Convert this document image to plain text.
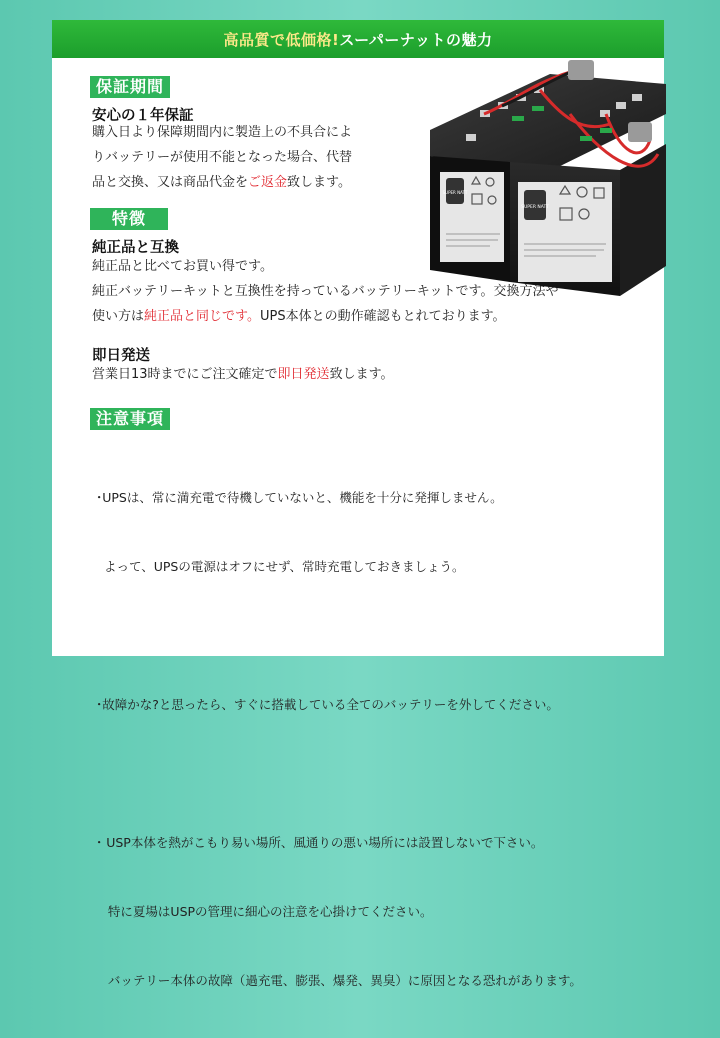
高品質で低価格! スーパーナットの魅力
保証期間
安心の１年保証
購入日より保障期間内に製造上の不具合によ
りバッテリーが使用不能となった場合、代替
品と交換、又は商品代金をご返金致します。
特徴
純正品と互換
純正品と比べてお買い得です。
純正バッテリーキットと互換性を持っているバッテリーキットです。交換方法や
使い方は純正品と同じです。UPS本体との動作確認もとれております。
即日発送
営業日13時までにご注文確定で即日発送致します。
注意事項

･UPSは、常に満充電で待機していないと、機能を十分に発揮しません。

よって、UPSの電源はオフにせず、常時充電しておきましょう。

･故障かな?と思ったら、すぐに搭載している全てのバッテリーを外してください。

･ USP本体を熱がこもり易い場所、風通りの悪い場所には設置しないで下さい。

特に夏場はUSPの管理に細心の注意を心掛けてください。

バッテリー本体の故障（過充電、膨張、爆発、異臭）に原因となる恐れがあります。

SUPER NATT
SUPER NATT
